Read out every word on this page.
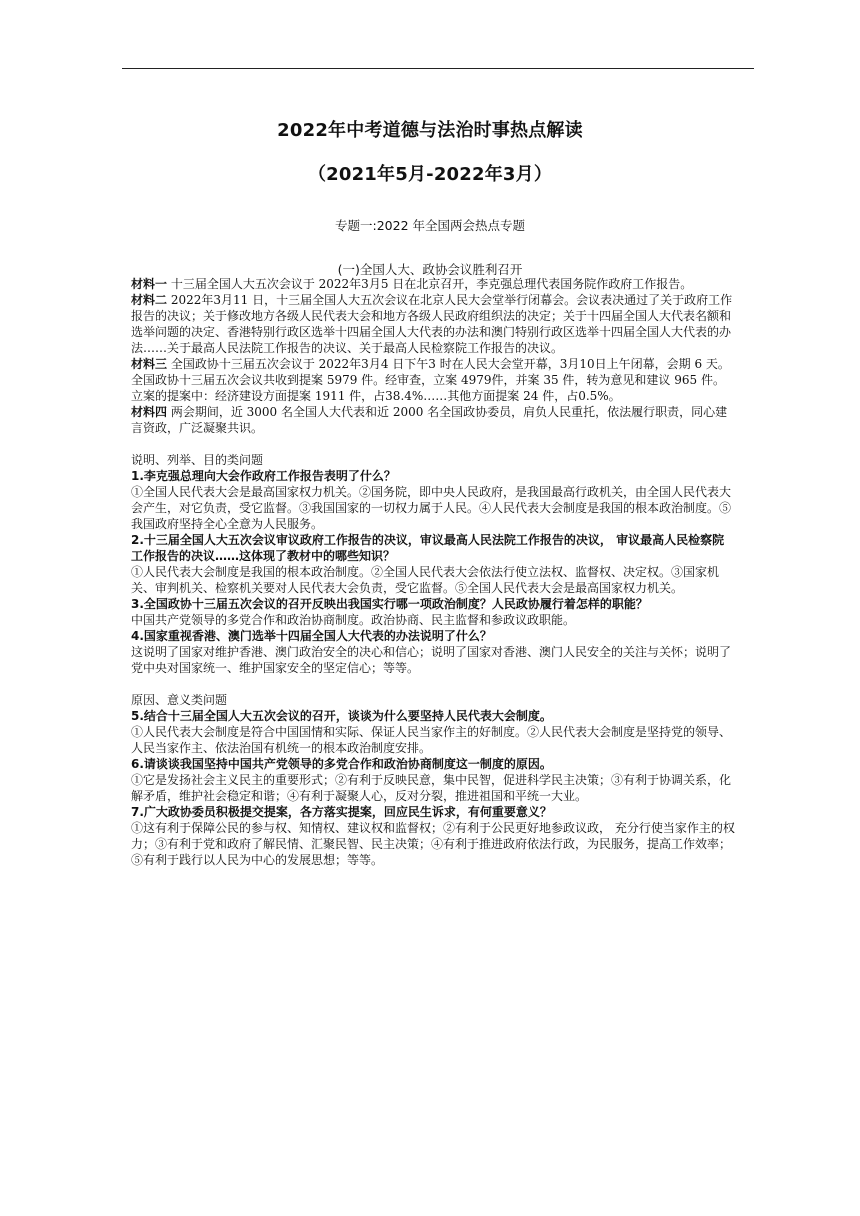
2022年中考道德与法治时事热点解读
（2021年5月-2022年3月）
专题一:2022 年全国两会热点专题
(一)全国人大、政协会议胜利召开

材料一 十三届全国人大五次会议于 2022年3月5 日在北京召开，李克强总理代表国务院作政府工作报告。

材料二 2022年3月11 日，十三届全国人大五次会议在北京人民大会堂举行闭幕会。会议表决通过了关于政府工作报告的决议；关于修改地方各级人民代表大会和地方各级人民政府组织法的决定；关于十四届全国人大代表名额和选举问题的决定、香港特别行政区选举十四届全国人大代表的办法和澳门特别行政区选举十四届全国人大代表的办法……关于最高人民法院工作报告的决议、关于最高人民检察院工作报告的决议。

材料三 全国政协十三届五次会议于 2022年3月4 日下午3 时在人民大会堂开幕，3月10日上午闭幕，会期 6 天。全国政协十三届五次会议共收到提案 5979 件。经审查，立案 4979件，并案 35 件，转为意见和建议 965 件。立案的提案中：经济建设方面提案 1911 件，占38.4%……其他方面提案 24 件，占0.5%。

材料四 两会期间，近 3000 名全国人大代表和近 2000 名全国政协委员，肩负人民重托，依法履行职责，同心建言资政，广泛凝聚共识。

说明、列举、目的类问题

1.李克强总理向大会作政府工作报告表明了什么？

①全国人民代表大会是最高国家权力机关。②国务院，即中央人民政府，是我国最高行政机关，由全国人民代表大会产生，对它负责，受它监督。③我国国家的一切权力属于人民。④人民代表大会制度是我国的根本政治制度。⑤我国政府坚持全心全意为人民服务。

2.十三届全国人大五次会议审议政府工作报告的决议，审议最高人民法院工作报告的决议， 审议最高人民检察院工作报告的决议……这体现了教材中的哪些知识？

①人民代表大会制度是我国的根本政治制度。②全国人民代表大会依法行使立法权、监督权、决定权。③国家机关、审判机关、检察机关要对人民代表大会负责，受它监督。⑤全国人民代表大会是最高国家权力机关。

3.全国政协十三届五次会议的召开反映出我国实行哪一项政治制度？人民政协履行着怎样的职能？

中国共产党领导的多党合作和政治协商制度。政治协商、民主监督和参政议政职能。

4.国家重视香港、澳门选举十四届全国人大代表的办法说明了什么？

这说明了国家对维护香港、澳门政治安全的决心和信心；说明了国家对香港、澳门人民安全的关注与关怀；说明了党中央对国家统一、维护国家安全的坚定信心；等等。

原因、意义类问题

5.结合十三届全国人大五次会议的召开，谈谈为什么要坚持人民代表大会制度。

①人民代表大会制度是符合中国国情和实际、保证人民当家作主的好制度。②人民代表大会制度是坚持党的领导、人民当家作主、依法治国有机统一的根本政治制度安排。

6.请谈谈我国坚持中国共产党领导的多党合作和政治协商制度这一制度的原因。

①它是发扬社会主义民主的重要形式；②有利于反映民意，集中民智，促进科学民主决策；③有利于协调关系，化解矛盾，维护社会稳定和谐；④有利于凝聚人心，反对分裂，推进祖国和平统一大业。

7.广大政协委员积极提交提案，各方落实提案，回应民生诉求，有何重要意义？

①这有利于保障公民的参与权、知情权、建议权和监督权；②有利于公民更好地参政议政， 充分行使当家作主的权力；③有利于党和政府了解民情、汇聚民智、民主决策；④有利于推进政府依法行政，为民服务，提高工作效率；⑤有利于践行以人民为中心的发展思想；等等。
